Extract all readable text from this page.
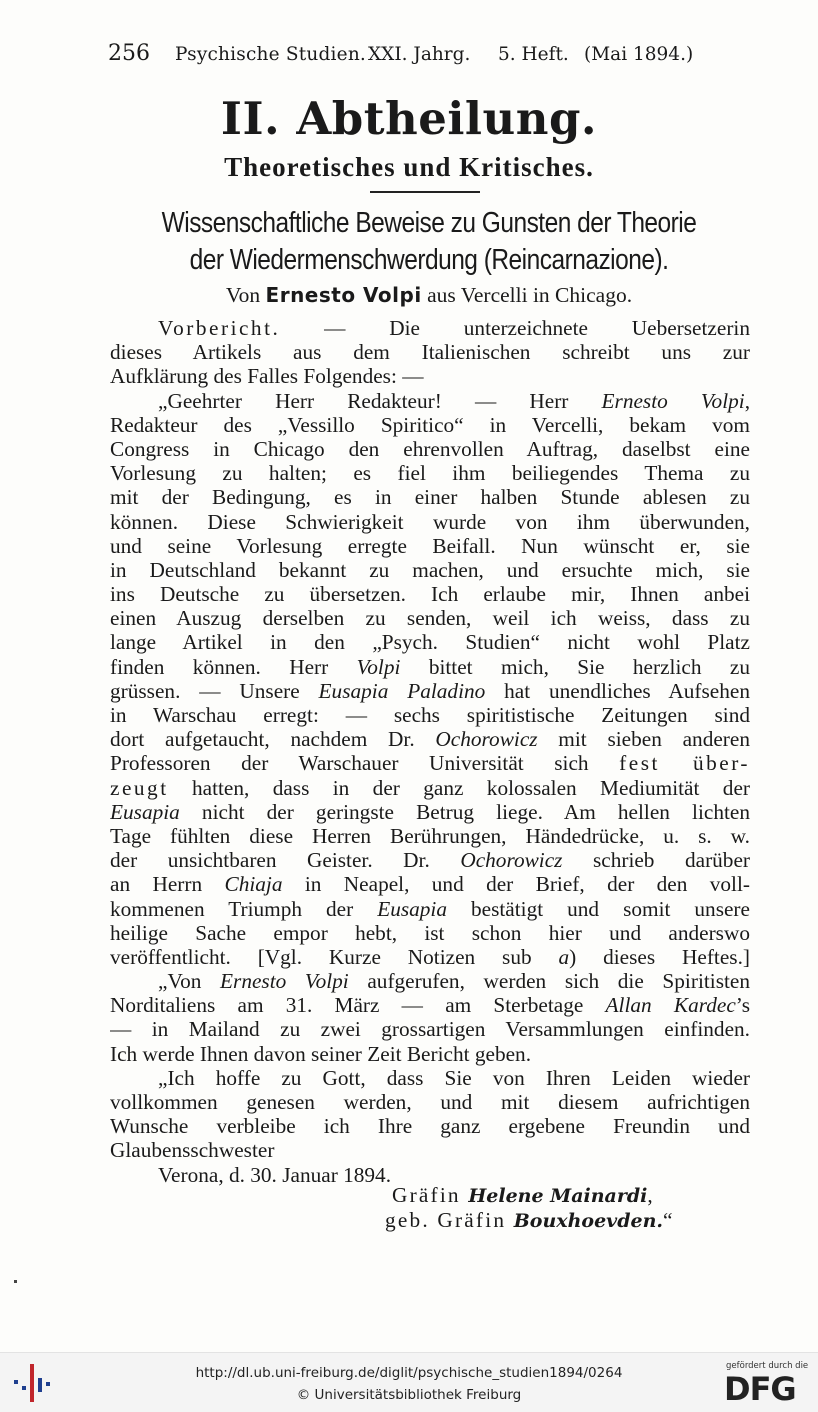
256 Psychische Studien. XXI. Jahrg. 5. Heft. (Mai 1894.)
II. Abtheilung.
Theoretisches und Kritisches.
Wissenschaftliche Beweise zu Gunsten der Theorie
der Wiedermenschwerdung (Reincarnazione).
Von Ernesto Volpi aus Vercelli in Chicago.
Vorbericht. — Die unterzeichnete Uebersetzerin
dieses Artikels aus dem Italienischen schreibt uns zur
Aufklärung des Falles Folgendes: —
„Geehrter Herr Redakteur! — Herr Ernesto Volpi,
Redakteur des „Vessillo Spiritico“ in Vercelli, bekam vom
Congress in Chicago den ehrenvollen Auftrag, daselbst eine
Vorlesung zu halten; es fiel ihm beiliegendes Thema zu
mit der Bedingung, es in einer halben Stunde ablesen zu
können. Diese Schwierigkeit wurde von ihm überwunden,
und seine Vorlesung erregte Beifall. Nun wünscht er, sie
in Deutschland bekannt zu machen, und ersuchte mich, sie
ins Deutsche zu übersetzen. Ich erlaube mir, Ihnen anbei
einen Auszug derselben zu senden, weil ich weiss, dass zu
lange Artikel in den „Psych. Studien“ nicht wohl Platz
finden können. Herr Volpi bittet mich, Sie herzlich zu
grüssen. — Unsere Eusapia Paladino hat unendliches Aufsehen
in Warschau erregt: — sechs spiritistische Zeitungen sind
dort aufgetaucht, nachdem Dr. Ochorowicz mit sieben anderen
Professoren der Warschauer Universität sich fest über-
zeugt hatten, dass in der ganz kolossalen Mediumität der
Eusapia nicht der geringste Betrug liege. Am hellen lichten
Tage fühlten diese Herren Berührungen, Händedrücke, u. s. w.
der unsichtbaren Geister. Dr. Ochorowicz schrieb darüber
an Herrn Chiaja in Neapel, und der Brief, der den voll-
kommenen Triumph der Eusapia bestätigt und somit unsere
heilige Sache empor hebt, ist schon hier und anderswo
veröffentlicht. [Vgl. Kurze Notizen sub a) dieses Heftes.]
„Von Ernesto Volpi aufgerufen, werden sich die Spiritisten
Norditaliens am 31. März — am Sterbetage Allan Kardec’s
— in Mailand zu zwei grossartigen Versammlungen einfinden.
Ich werde Ihnen davon seiner Zeit Bericht geben.
„Ich hoffe zu Gott, dass Sie von Ihren Leiden wieder
vollkommen genesen werden, und mit diesem aufrichtigen
Wunsche verbleibe ich Ihre ganz ergebene Freundin und
Glaubensschwester
Verona, d. 30. Januar 1894.
Gräfin Helene Mainardi,
geb. Gräfin Bouxhoevden.“
http://dl.ub.uni-freiburg.de/diglit/psychische_studien1894/0264
© Universitätsbibliothek Freiburg
gefördert durch die
DFG
